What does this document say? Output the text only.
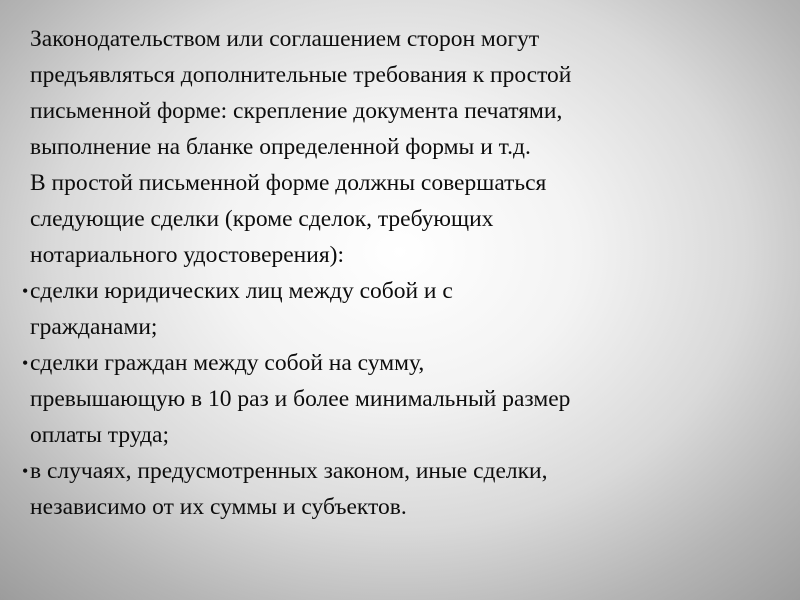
Законодательством или соглашением сторон могут
предъявляться дополнительные требования к простой
письменной форме: скрепление документа печатями,
выполнение на бланке определенной формы и т.д.
В простой письменной форме должны совершаться
следующие сделки (кроме сделок, требующих
нотариального удостоверения):
• сделки юридических лиц между собой и с
гражданами;
• сделки граждан между собой на сумму,
превышающую в 10 раз и более минимальный размер
оплаты труда;
• в случаях, предусмотренных законом, иные сделки,
независимо от их суммы и субъектов.
